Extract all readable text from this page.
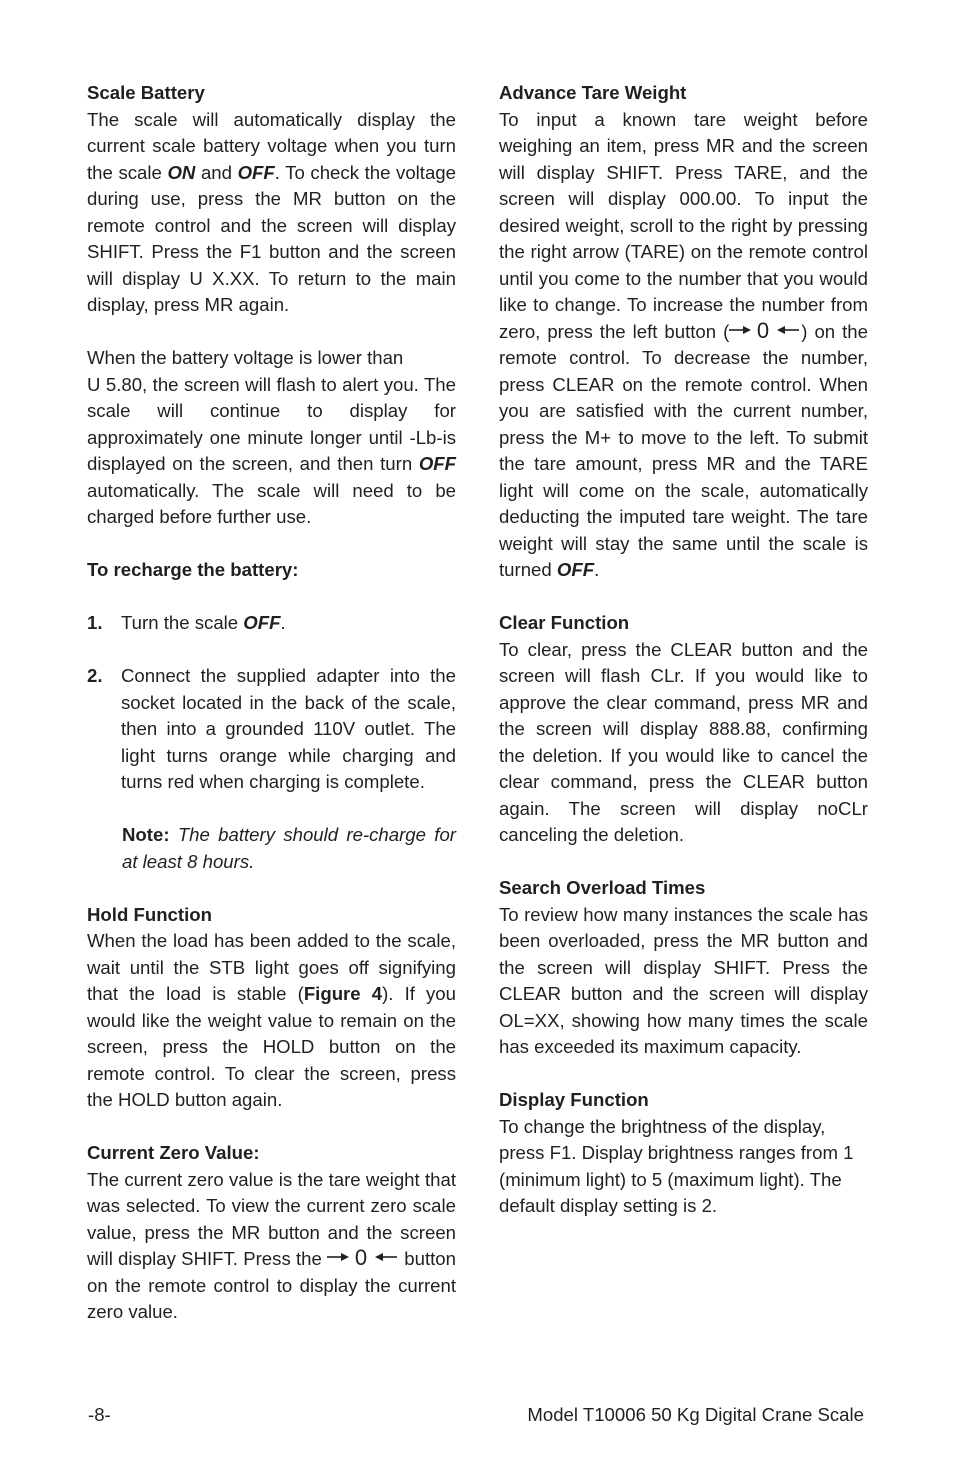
Scale Battery

The scale will automatically display the current scale battery voltage when you turn the scale ON and OFF. To check the voltage during use, press the MR button on the remote control and the screen will display SHIFT. Press the F1 button and the screen will display U X.XX. To return to the main display, press MR again.

When the battery voltage is lower than

U 5.80, the screen will flash to alert you. The scale will continue to display for approximately one minute longer until -Lb-is displayed on the screen, and then turn OFF automatically. The scale will need to be charged before further use.

To recharge the battery:

1. Turn the scale OFF.
2. Connect the supplied adapter into the socket located in the back of the scale, then into a grounded 110V outlet. The light turns orange while charging and turns red when charging is complete.

Note: The battery should re-charge for at least 8 hours.

Hold Function

When the load has been added to the scale, wait until the STB light goes off signifying that the load is stable (Figure 4). If you would like the weight value to remain on the screen, press the HOLD button on the remote control. To clear the screen, press the HOLD button again.

Current Zero Value:

The current zero value is the tare weight that was selected. To view the current zero scale value, press the MR button and the screen will display SHIFT. Press the 0 button on the remote control to display the current zero value.

Advance Tare Weight

To input a known tare weight before weighing an item, press MR and the screen will display SHIFT. Press TARE, and the screen will display 000.00. To input the desired weight, scroll to the right by pressing the right arrow (TARE) on the remote control until you come to the number that you would like to change. To increase the number from zero, press the left button ( 0 ) on the remote control. To decrease the number, press CLEAR on the remote control. When you are satisfied with the current number, press the M+ to move to the left. To submit the tare amount, press MR and the TARE light will come on the scale, automatically deducting the imputed tare weight. The tare weight will stay the same until the scale is turned OFF.

Clear Function

To clear, press the CLEAR button and the screen will flash CLr. If you would like to approve the clear command, press MR and the screen will display 888.88, confirming the deletion. If you would like to cancel the clear command, press the CLEAR button again. The screen will display noCLr canceling the deletion.

Search Overload Times

To review how many instances the scale has been overloaded, press the MR button and the screen will display SHIFT. Press the CLEAR button and the screen will display OL=XX, showing how many times the scale has exceeded its maximum capacity.

Display Function

To change the brightness of the display, press F1. Display brightness ranges from 1 (minimum light) to 5 (maximum light). The default display setting is 2.

-8-	Model T10006 50 Kg Digital Crane Scale
